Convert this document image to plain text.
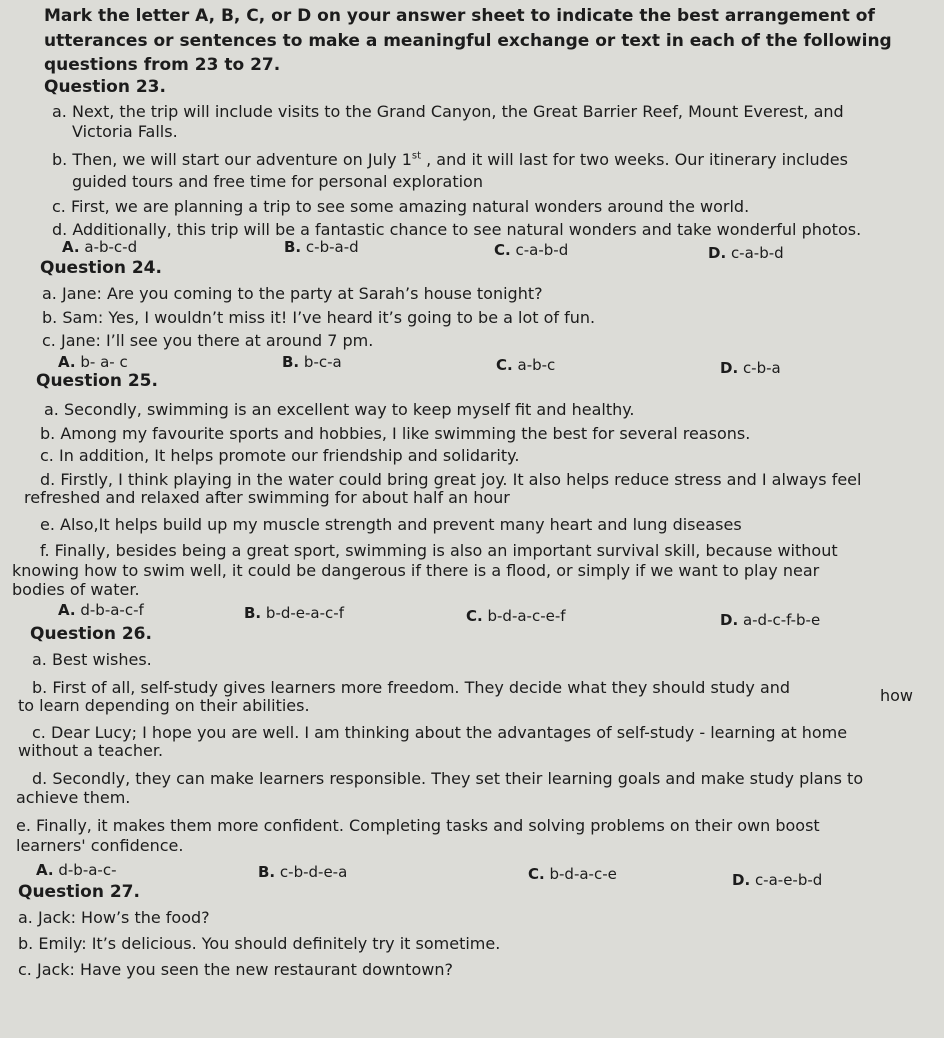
Mark the letter A, B, C, or D on your answer sheet to indicate the best arrangement of
utterances or sentences to make a meaningful exchange or text in each of the following
questions from 23 to 27.
Question 23.
a. Next, the trip will include visits to the Grand Canyon, the Great Barrier Reef, Mount Everest, and
Victoria Falls.
b. Then, we will start our adventure on July 1st , and it will last for two weeks. Our itinerary includes
guided tours and free time for personal exploration
c. First, we are planning a trip to see some amazing natural wonders around the world.
d. Additionally, this trip will be a fantastic chance to see natural wonders and take wonderful photos.
A. a-b-c-d	B. c-b-a-d	C. c-a-b-d	D. c-a-b-d
Question 24.
a. Jane: Are you coming to the party at Sarah’s house tonight?
b. Sam: Yes, I wouldn’t miss it! I’ve heard it’s going to be a lot of fun.
c. Jane: I’ll see you there at around 7 pm.
A. b- a- c	B. b-c-a	C. a-b-c	D. c-b-a
Question 25.
a. Secondly, swimming is an excellent way to keep myself fit and healthy.
b. Among my favourite sports and hobbies, I like swimming the best for several reasons.
c. In addition, It helps promote our friendship and solidarity.
d. Firstly, I think playing in the water could bring great joy. It also helps reduce stress and I always feel
refreshed and relaxed after swimming for about half an hour
e. Also,It helps build up my muscle strength and prevent many heart and lung diseases
f. Finally, besides being a great sport, swimming is also an important survival skill, because without
knowing how to swim well, it could be dangerous if there is a flood, or simply if we want to play near
bodies of water.
A. d-b-a-c-f	B. b-d-e-a-c-f	C. b-d-a-c-e-f	D. a-d-c-f-b-e
Question 26.
a. Best wishes.
b. First of all, self-study gives learners more freedom. They decide what they should study and	how
to learn depending on their abilities.
c. Dear Lucy; I hope you are well. I am thinking about the advantages of self-study - learning at home
without a teacher.
d. Secondly, they can make learners responsible. They set their learning goals and make study plans to
achieve them.
e. Finally, it makes them more confident. Completing tasks and solving problems on their own boost
learners' confidence.
A. d-b-a-c-	B. c-b-d-e-a	C. b-d-a-c-e	D. c-a-e-b-d
Question 27.
a. Jack: How’s the food?
b. Emily: It’s delicious. You should definitely try it sometime.
c. Jack: Have you seen the new restaurant downtown?
